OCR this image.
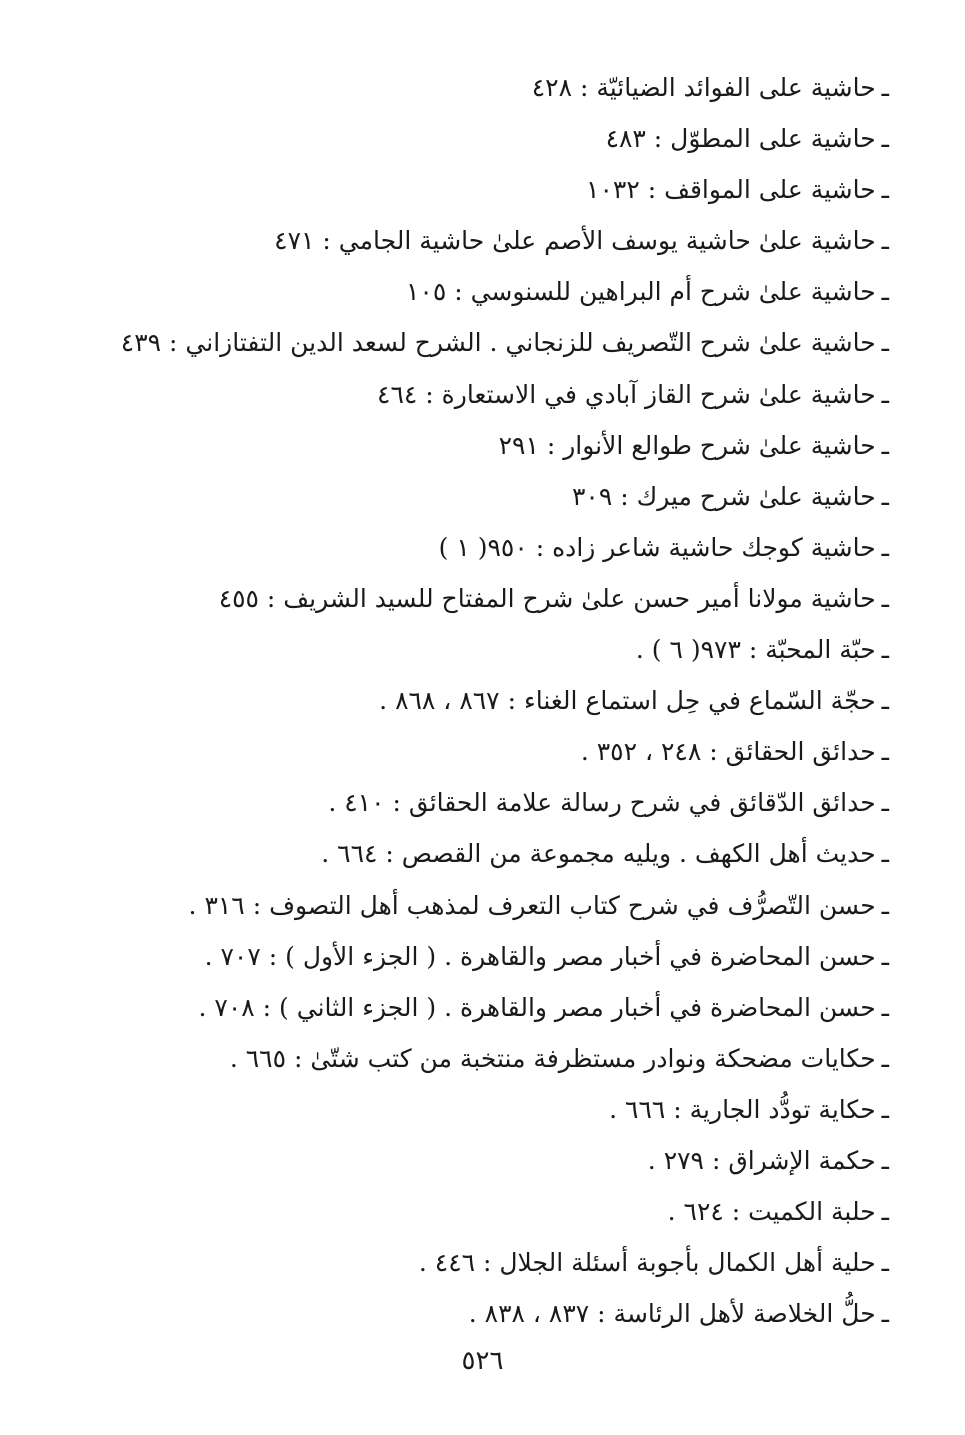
ـحاشية على الفوائد الضيائيّة : ٤٢٨
ـحاشية على المطوّل : ٤٨٣
ـحاشية على المواقف : ١٠٣٢
ـحاشية علىٰ حاشية يوسف الأصم علىٰ حاشية الجامي : ٤٧١
ـحاشية علىٰ شرح أم البراهين للسنوسي : ١٠٥
ـحاشية علىٰ شرح التّصريف للزنجاني . الشرح لسعد الدين التفتازاني : ٤٣٩
ـحاشية علىٰ شرح القاز آبادي في الاستعارة : ٤٦٤
ـحاشية علىٰ شرح طوالع الأنوار : ٢٩١
ـحاشية علىٰ شرح ميرك : ٣٠٩
ـحاشية كوجك حاشية شاعر زاده : ٩٥٠( ١ )
ـحاشية مولانا أمير حسن علىٰ شرح المفتاح للسيد الشريف : ٤٥٥
ـحبّة المحبّة : ٩٧٣( ٦ ) .
ـحجّة السّماع في حِل استماع الغناء : ٨٦٧ ، ٨٦٨ .
ـحدائق الحقائق : ٢٤٨ ، ٣٥٢ .
ـحدائق الدّقائق في شرح رسالة علامة الحقائق : ٤١٠ .
ـحديث أهل الكهف . ويليه مجموعة من القصص : ٦٦٤ .
ـحسن التّصرُّف في شرح كتاب التعرف لمذهب أهل التصوف : ٣١٦ .
ـحسن المحاضرة في أخبار مصر والقاهرة . ( الجزء الأول ) : ٧٠٧ .
ـحسن المحاضرة في أخبار مصر والقاهرة . ( الجزء الثاني ) : ٧٠٨ .
ـحكايات مضحكة ونوادر مستظرفة منتخبة من كتب شتّىٰ : ٦٦٥ .
ـحكاية تودُّد الجارية : ٦٦٦ .
ـحكمة الإشراق : ٢٧٩ .
ـحلبة الكميت : ٦٢٤ .
ـحلية أهل الكمال بأجوبة أسئلة الجلال : ٤٤٦ .
ـحلُّ الخلاصة لأهل الرئاسة : ٨٣٧ ، ٨٣٨ .
٥٢٦
